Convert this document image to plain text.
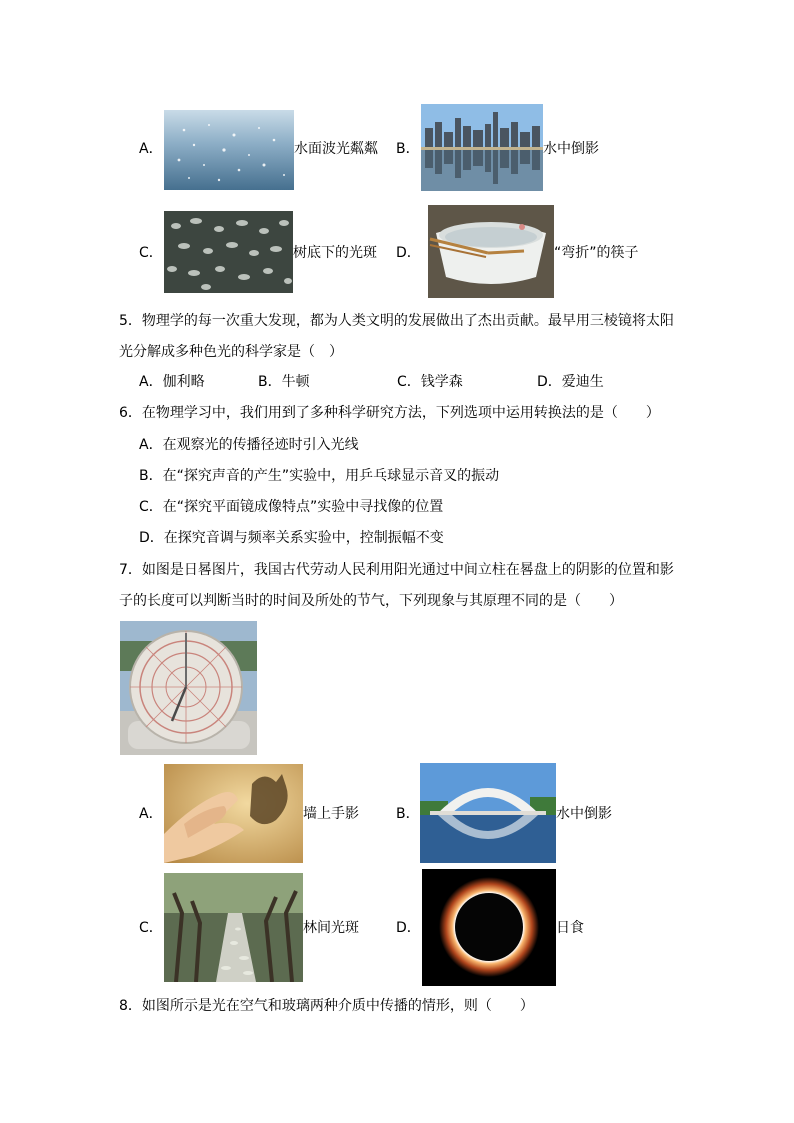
A．	水面波光粼粼 B．	水中倒影
C．	树底下的光斑 D．	“弯折”的筷子
5．物理学的每一次重大发现，都为人类文明的发展做出了杰出贡献。最早用三棱镜将太阳
光分解成多种色光的科学家是（　）
A．伽利略	B．牛顿	C．钱学森	D．爱迪生
6．在物理学习中，我们用到了多种科学研究方法，下列选项中运用转换法的是（　　）
A．在观察光的传播径迹时引入光线
B．在“探究声音的产生”实验中，用乒乓球显示音叉的振动
C．在“探究平面镜成像特点”实验中寻找像的位置
D．在探究音调与频率关系实验中，控制振幅不变
7．如图是日晷图片，我国古代劳动人民利用阳光通过中间立柱在晷盘上的阴影的位置和影
子的长度可以判断当时的时间及所处的节气，下列现象与其原理不同的是（　　）
A．	墙上手影	B．	水中倒影
C．	林间光斑	D．	日食
8．如图所示是光在空气和玻璃两种介质中传播的情形，则（　　）
